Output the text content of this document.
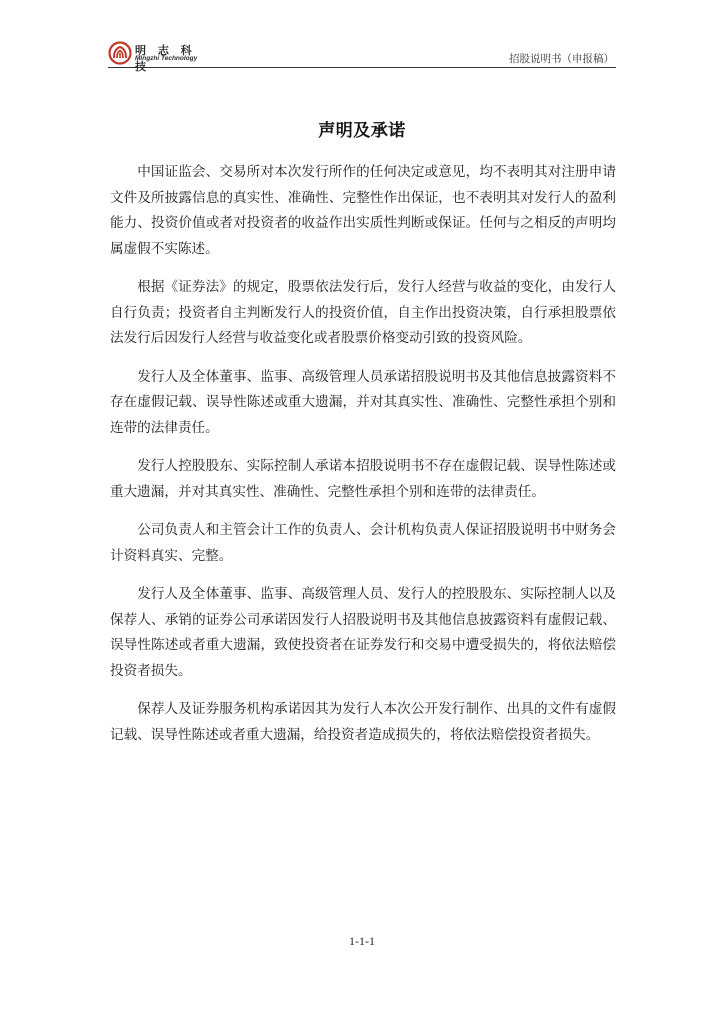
明 志 科 技
Mingzhi Technology	招股说明书（申报稿）
声明及承诺

中国证监会、交易所对本次发行所作的任何决定或意见，均不表明其对注册申请文件及所披露信息的真实性、准确性、完整性作出保证，也不表明其对发行人的盈利能力、投资价值或者对投资者的收益作出实质性判断或保证。任何与之相反的声明均属虚假不实陈述。

根据《证券法》的规定，股票依法发行后，发行人经营与收益的变化，由发行人自行负责；投资者自主判断发行人的投资价值，自主作出投资决策，自行承担股票依法发行后因发行人经营与收益变化或者股票价格变动引致的投资风险。

发行人及全体董事、监事、高级管理人员承诺招股说明书及其他信息披露资料不存在虚假记载、误导性陈述或重大遗漏，并对其真实性、准确性、完整性承担个别和连带的法律责任。

发行人控股股东、实际控制人承诺本招股说明书不存在虚假记载、误导性陈述或重大遗漏，并对其真实性、准确性、完整性承担个别和连带的法律责任。

公司负责人和主管会计工作的负责人、会计机构负责人保证招股说明书中财务会计资料真实、完整。

发行人及全体董事、监事、高级管理人员、发行人的控股股东、实际控制人以及保荐人、承销的证券公司承诺因发行人招股说明书及其他信息披露资料有虚假记载、误导性陈述或者重大遗漏，致使投资者在证券发行和交易中遭受损失的，将依法赔偿投资者损失。

保荐人及证券服务机构承诺因其为发行人本次公开发行制作、出具的文件有虚假记载、误导性陈述或者重大遗漏，给投资者造成损失的，将依法赔偿投资者损失。

1-1-1
